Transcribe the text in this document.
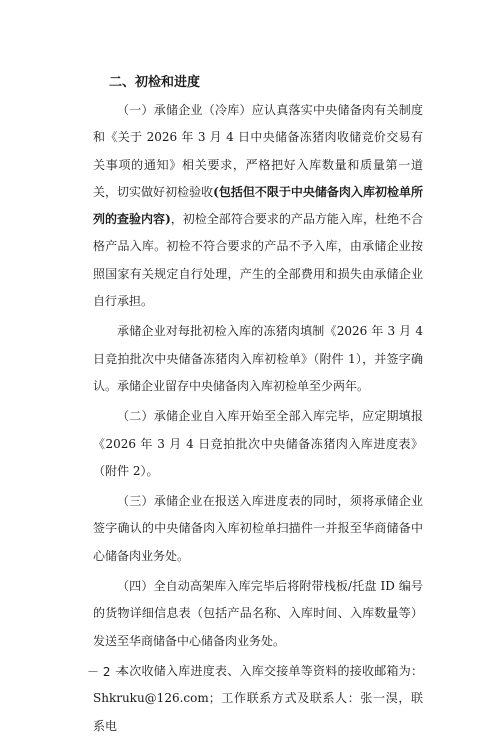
二、初检和进度

（一）承储企业（冷库）应认真落实中央储备肉有关制度和《关于 2026 年 3 月 4 日中央储备冻猪肉收储竞价交易有关事项的通知》相关要求，严格把好入库数量和质量第一道关，切实做好初检验收(包括但不限于中央储备肉入库初检单所列的查验内容)，初检全部符合要求的产品方能入库，杜绝不合格产品入库。初检不符合要求的产品不予入库，由承储企业按照国家有关规定自行处理，产生的全部费用和损失由承储企业自行承担。

承储企业对每批初检入库的冻猪肉填制《2026 年 3 月 4 日竞拍批次中央储备冻猪肉入库初检单》（附件 1），并签字确认。承储企业留存中央储备肉入库初检单至少两年。

（二）承储企业自入库开始至全部入库完毕，应定期填报《2026 年 3 月 4 日竞拍批次中央储备冻猪肉入库进度表》（附件 2）。

（三）承储企业在报送入库进度表的同时，须将承储企业签字确认的中央储备肉入库初检单扫描件一并报至华商储备中心储备肉业务处。

（四）全自动高架库入库完毕后将附带栈板/托盘 ID 编号的货物详细信息表（包括产品名称、入库时间、入库数量等）发送至华商储备中心储备肉业务处。

本次收储入库进度表、入库交接单等资料的接收邮箱为：Shkruku@126.com；工作联系方式及联系人：张一淏，联系电

－ 2 －
